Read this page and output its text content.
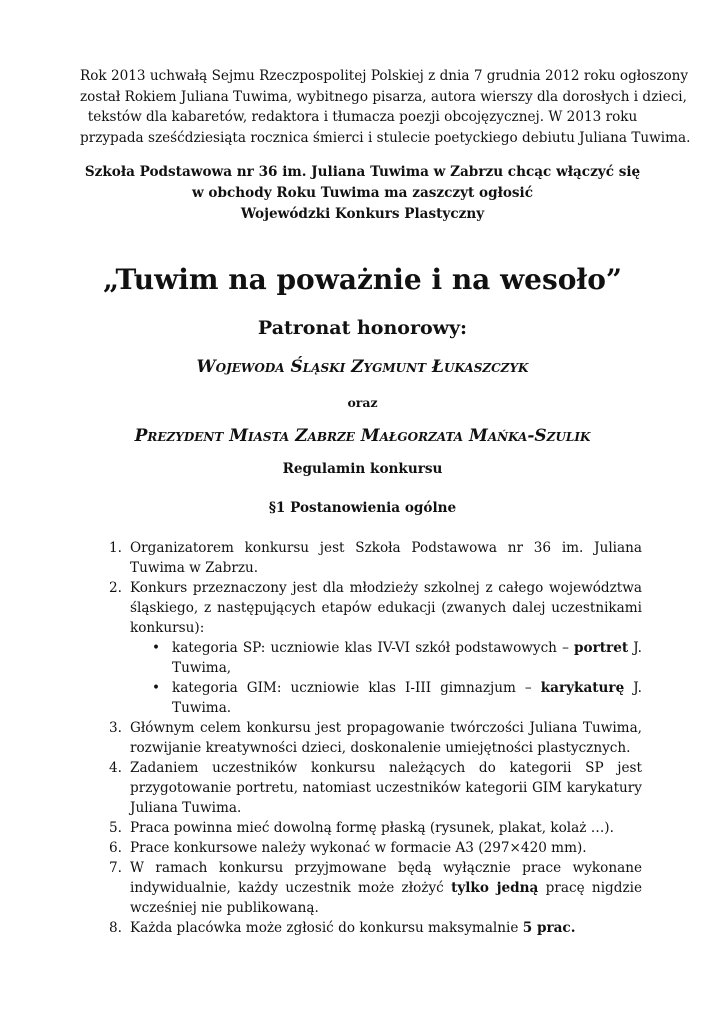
Rok 2013 uchwałą Sejmu Rzeczpospolitej Polskiej z dnia 7 grudnia 2012 roku ogłoszony
został Rokiem Juliana Tuwima, wybitnego pisarza, autora wierszy dla dorosłych i dzieci,
tekstów dla kabaretów, redaktora i tłumacza poezji obcojęzycznej. W 2013 roku
przypada sześćdziesiąta rocznica śmierci i stulecie poetyckiego debiutu Juliana Tuwima.
Szkoła Podstawowa nr 36 im. Juliana Tuwima w Zabrzu chcąc włączyć się
w obchody Roku Tuwima ma zaszczyt ogłosić
Wojewódzki Konkurs Plastyczny
„Tuwim na poważnie i na wesoło”
Patronat honorowy:
Wojewoda Śląski Zygmunt Łukaszczyk
oraz
Prezydent Miasta Zabrze Małgorzata Mańka-Szulik
Regulamin konkursu
§1 Postanowienia ogólne
1. Organizatorem konkursu jest Szkoła Podstawowa nr 36 im. Juliana Tuwima w Zabrzu.
2. Konkurs przeznaczony jest dla młodzieży szkolnej z całego województwa śląskiego, z następujących etapów edukacji (zwanych dalej uczestnikami konkursu):
• kategoria SP: uczniowie klas IV-VI szkół podstawowych – portret J. Tuwima,
• kategoria GIM: uczniowie klas I-III gimnazjum – karykaturę J. Tuwima.
3. Głównym celem konkursu jest propagowanie twórczości Juliana Tuwima, rozwijanie kreatywności dzieci, doskonalenie umiejętności plastycznych.
4. Zadaniem uczestników konkursu należących do kategorii SP jest przygotowanie portretu, natomiast uczestników kategorii GIM karykatury Juliana Tuwima.
5. Praca powinna mieć dowolną formę płaską (rysunek, plakat, kolaż …).
6. Prace konkursowe należy wykonać w formacie A3 (297×420 mm).
7. W ramach konkursu przyjmowane będą wyłącznie prace wykonane indywidualnie, każdy uczestnik może złożyć tylko jedną pracę nigdzie wcześniej nie publikowaną.
8. Każda placówka może zgłosić do konkursu maksymalnie 5 prac.
